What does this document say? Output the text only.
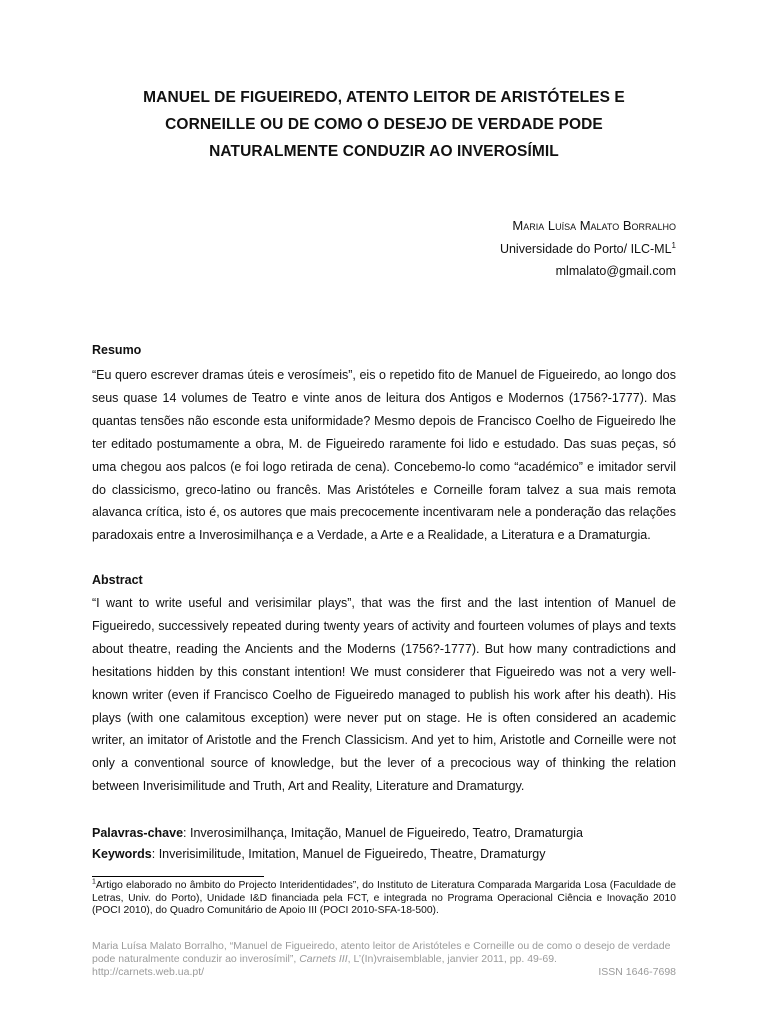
MANUEL DE FIGUEIREDO, ATENTO LEITOR DE ARISTÓTELES E
CORNEILLE OU DE COMO O DESEJO DE VERDADE PODE
NATURALMENTE CONDUZIR AO INVEROSÍMIL
Maria Luísa Malato Borralho
Universidade do Porto/ ILC-$ML^1$
mlmalato@gmail.com
Resumo
“Eu quero escrever dramas úteis e verosímeis”, eis o repetido fito de Manuel de Figueiredo, ao longo dos seus quase 14 volumes de Teatro e vinte anos de leitura dos Antigos e Modernos (1756?-1777). Mas quantas tensões não esconde esta uniformidade? Mesmo depois de Francisco Coelho de Figueiredo lhe ter editado postumamente a obra, M. de Figueiredo raramente foi lido e estudado. Das suas peças, só uma chegou aos palcos (e foi logo retirada de cena). Concebemo-lo como “académico” e imitador servil do classicismo, greco-latino ou francês. Mas Aristóteles e Corneille foram talvez a sua mais remota alavanca crítica, isto é, os autores que mais precocemente incentivaram nele a ponderação das relações paradoxais entre a Inverosimilhança e a Verdade, a Arte e a Realidade, a Literatura e a Dramaturgia.
Abstract
“I want to write useful and verisimilar plays”, that was the first and the last intention of Manuel de Figueiredo, successively repeated during twenty years of activity and fourteen volumes of plays and texts about theatre, reading the Ancients and the Moderns (1756?-1777). But how many contradictions and hesitations hidden by this constant intention! We must considerer that Figueiredo was not a very well-known writer (even if Francisco Coelho de Figueiredo managed to publish his work after his death). His plays (with one calamitous exception) were never put on stage. He is often considered an academic writer, an imitator of Aristotle and the French Classicism. And yet to him, Aristotle and Corneille were not only a conventional source of knowledge, but the lever of a precocious way of thinking the relation between Inverisimilitude and Truth, Art and Reality, Literature and Dramaturgy.
Palavras-chave: Inverosimilhança, Imitação, Manuel de Figueiredo, Teatro, Dramaturgia
Keywords: Inverisimilitude, Imitation, Manuel de Figueiredo, Theatre, Dramaturgy
$^1$Artigo elaborado no âmbito do Projecto Interidentidades”, do Instituto de Literatura Comparada Margarida Losa (Faculdade de Letras, Univ. do Porto), Unidade I&D financiada pela FCT, e integrada no Programa Operacional Ciência e Inovação 2010 (POCI 2010), do Quadro Comunitário de Apoio III (POCI 2010-SFA-18-500).
Maria Luísa Malato Borralho, “Manuel de Figueiredo, atento leitor de Aristóteles e Corneille ou de como o desejo de verdade pode naturalmente conduzir ao inverosímil”, Carnets III, L’(In)vraisemblable, janvier 2011, pp. 49-69.
http://carnets.web.ua.pt/	ISSN 1646-7698
